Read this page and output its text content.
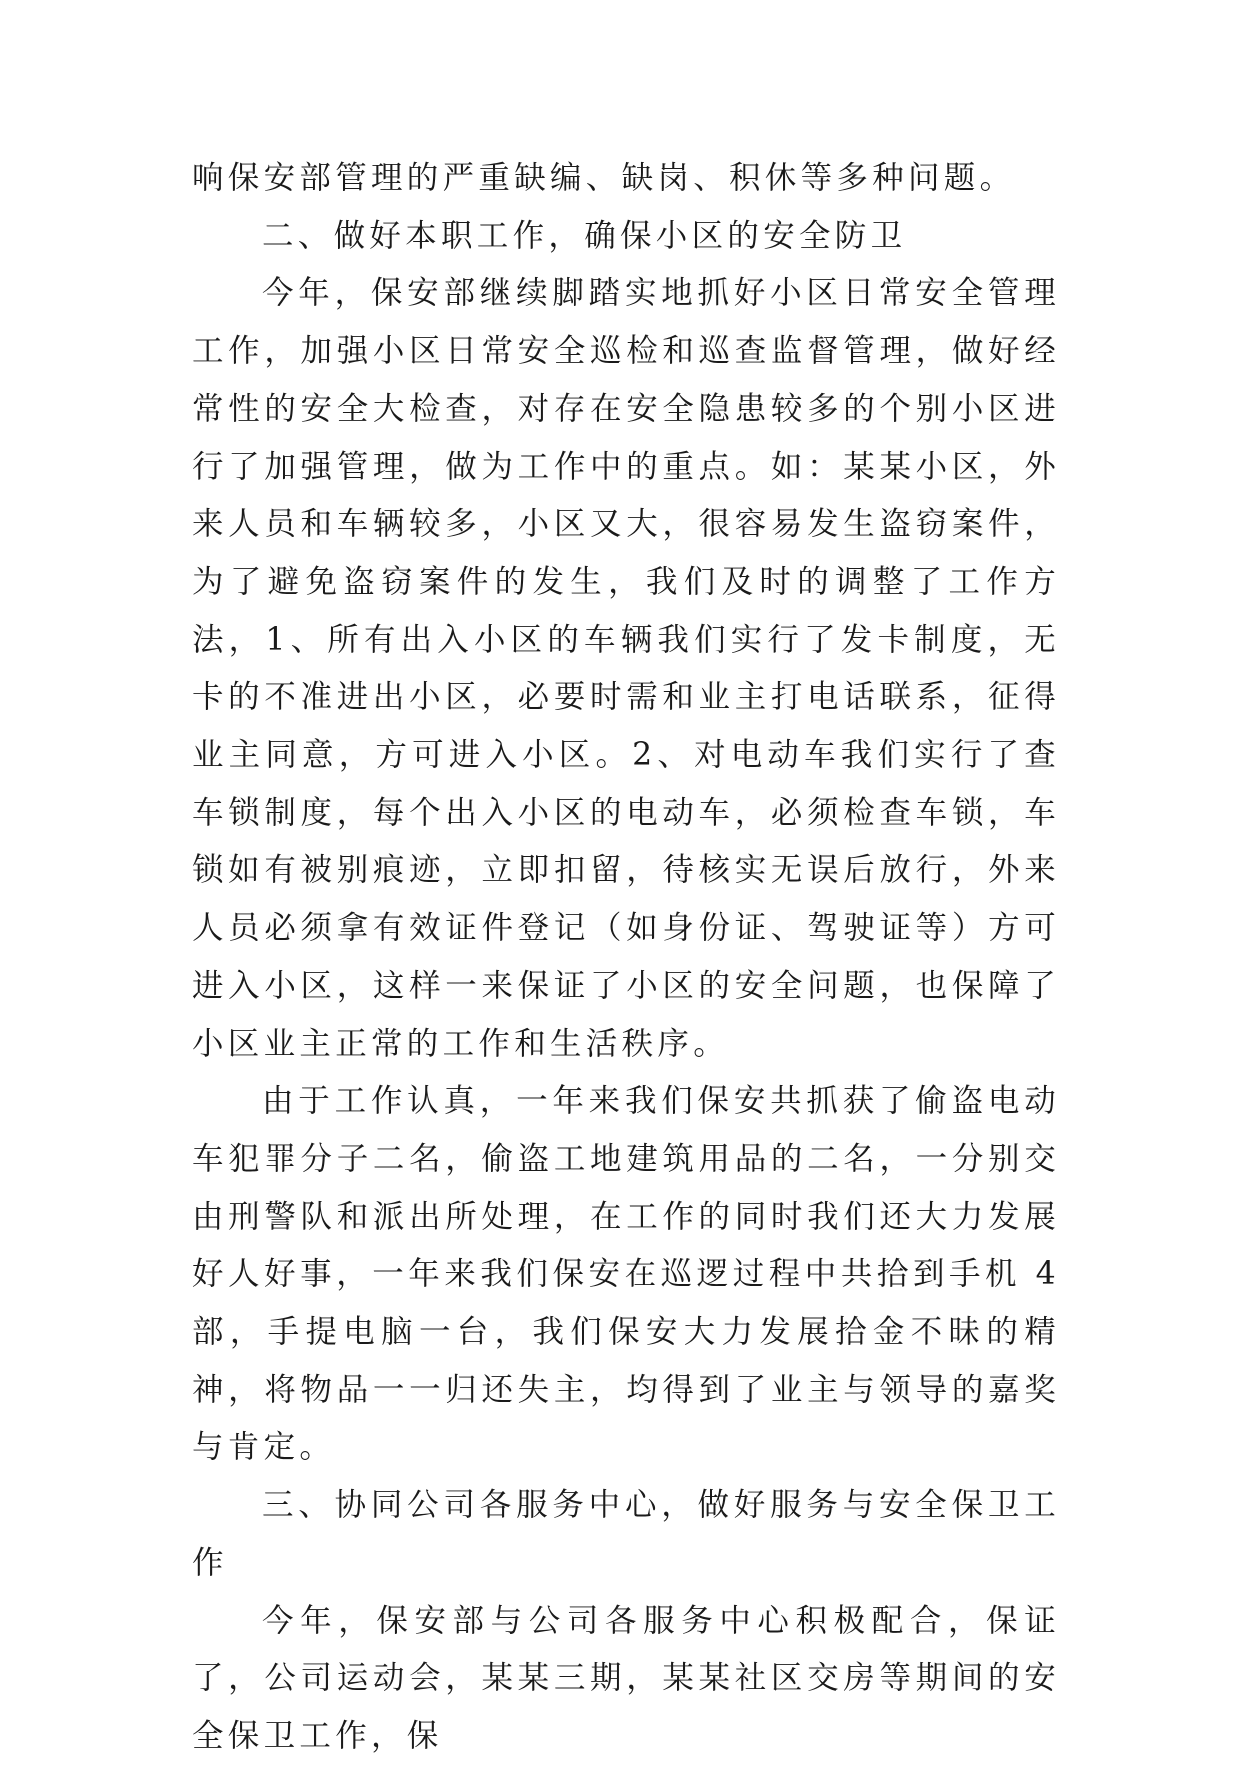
响保安部管理的严重缺编、缺岗、积休等多种问题。

二、做好本职工作，确保小区的安全防卫

今年，保安部继续脚踏实地抓好小区日常安全管理工作，加强小区日常安全巡检和巡查监督管理，做好经常性的安全大检查，对存在安全隐患较多的个别小区进行了加强管理，做为工作中的重点。如：某某小区，外来人员和车辆较多，小区又大，很容易发生盗窃案件，为了避免盗窃案件的发生，我们及时的调整了工作方法，1、所有出入小区的车辆我们实行了发卡制度，无卡的不准进出小区，必要时需和业主打电话联系，征得业主同意，方可进入小区。2、对电动车我们实行了查车锁制度，每个出入小区的电动车，必须检查车锁，车锁如有被别痕迹，立即扣留，待核实无误后放行，外来人员必须拿有效证件登记（如身份证、驾驶证等）方可进入小区，这样一来保证了小区的安全问题，也保障了小区业主正常的工作和生活秩序。

由于工作认真，一年来我们保安共抓获了偷盗电动车犯罪分子二名，偷盗工地建筑用品的二名，一分别交由刑警队和派出所处理，在工作的同时我们还大力发展好人好事，一年来我们保安在巡逻过程中共拾到手机 4 部，手提电脑一台，我们保安大力发展拾金不昧的精神，将物品一一归还失主，均得到了业主与领导的嘉奖与肯定。

三、协同公司各服务中心，做好服务与安全保卫工作

今年，保安部与公司各服务中心积极配合，保证了，公司运动会，某某三期，某某社区交房等期间的安全保卫工作，保
